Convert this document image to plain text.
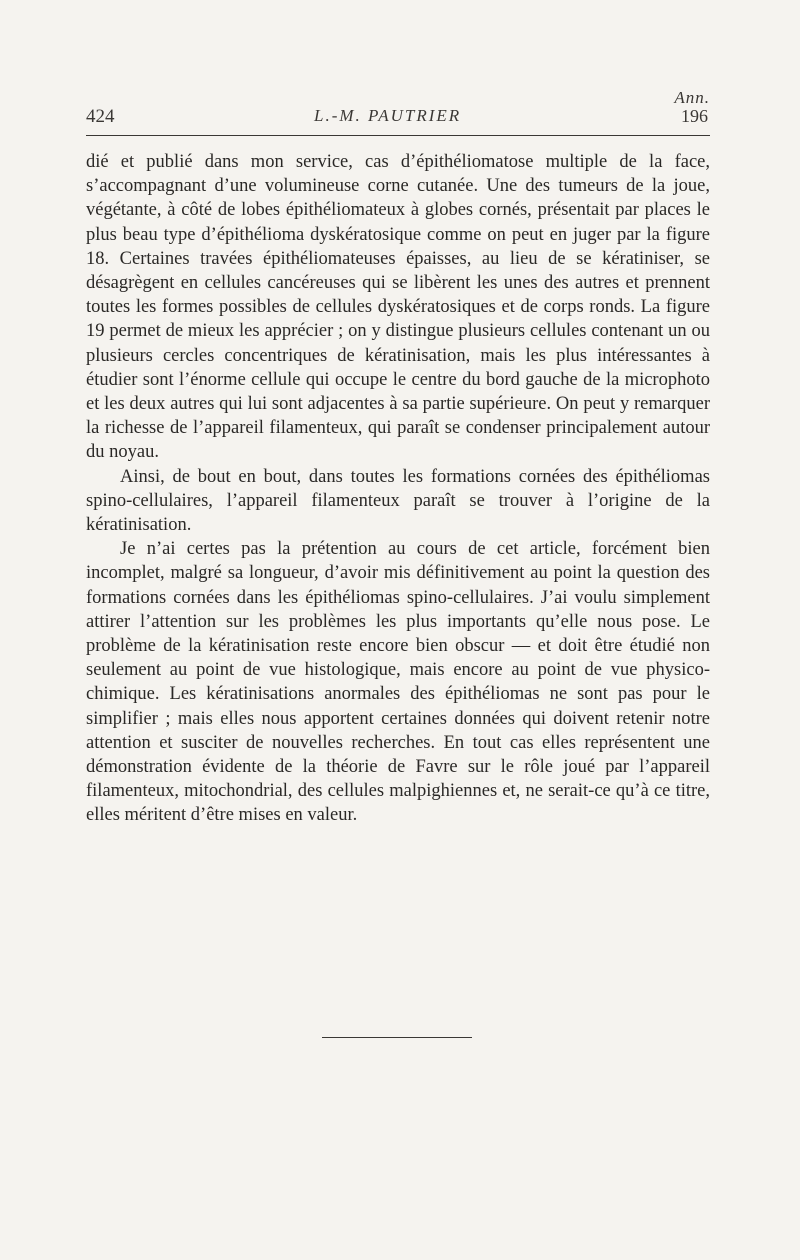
Ann.
424	L.-M. PAUTRIER	196

dié et publié dans mon service, cas d’épithéliomatose multiple de la face, s’accompagnant d’une volumineuse corne cutanée. Une des tumeurs de la joue, végétante, à côté de lobes épithéliomateux à globes cornés, présentait par places le plus beau type d’épithélioma dyskératosique comme on peut en juger par la figure 18. Certaines travées épithéliomateuses épaisses, au lieu de se kératiniser, se désagrègent en cellules cancéreuses qui se libèrent les unes des autres et prennent toutes les formes possibles de cellules dyskératosiques et de corps ronds. La figure 19 permet de mieux les apprécier ; on y distingue plusieurs cellules contenant un ou plusieurs cercles concentriques de kératinisation, mais les plus intéressantes à étudier sont l’énorme cellule qui occupe le centre du bord gauche de la microphoto et les deux autres qui lui sont adjacentes à sa partie supérieure. On peut y remarquer la richesse de l’appareil filamenteux, qui paraît se condenser principalement autour du noyau.

Ainsi, de bout en bout, dans toutes les formations cornées des épithéliomas spino-cellulaires, l’appareil filamenteux paraît se trouver à l’origine de la kératinisation.

Je n’ai certes pas la prétention au cours de cet article, forcément bien incomplet, malgré sa longueur, d’avoir mis définitivement au point la question des formations cornées dans les épithéliomas spino-cellulaires. J’ai voulu simplement attirer l’attention sur les problèmes les plus importants qu’elle nous pose. Le problème de la kératinisation reste encore bien obscur — et doit être étudié non seulement au point de vue histologique, mais encore au point de vue physico-chimique. Les kératinisations anormales des épithéliomas ne sont pas pour le simplifier ; mais elles nous apportent certaines données qui doivent retenir notre attention et susciter de nouvelles recherches. En tout cas elles représentent une démonstration évidente de la théorie de Favre sur le rôle joué par l’appareil filamenteux, mitochondrial, des cellules malpighiennes et, ne serait-ce qu’à ce titre, elles méritent d’être mises en valeur.
